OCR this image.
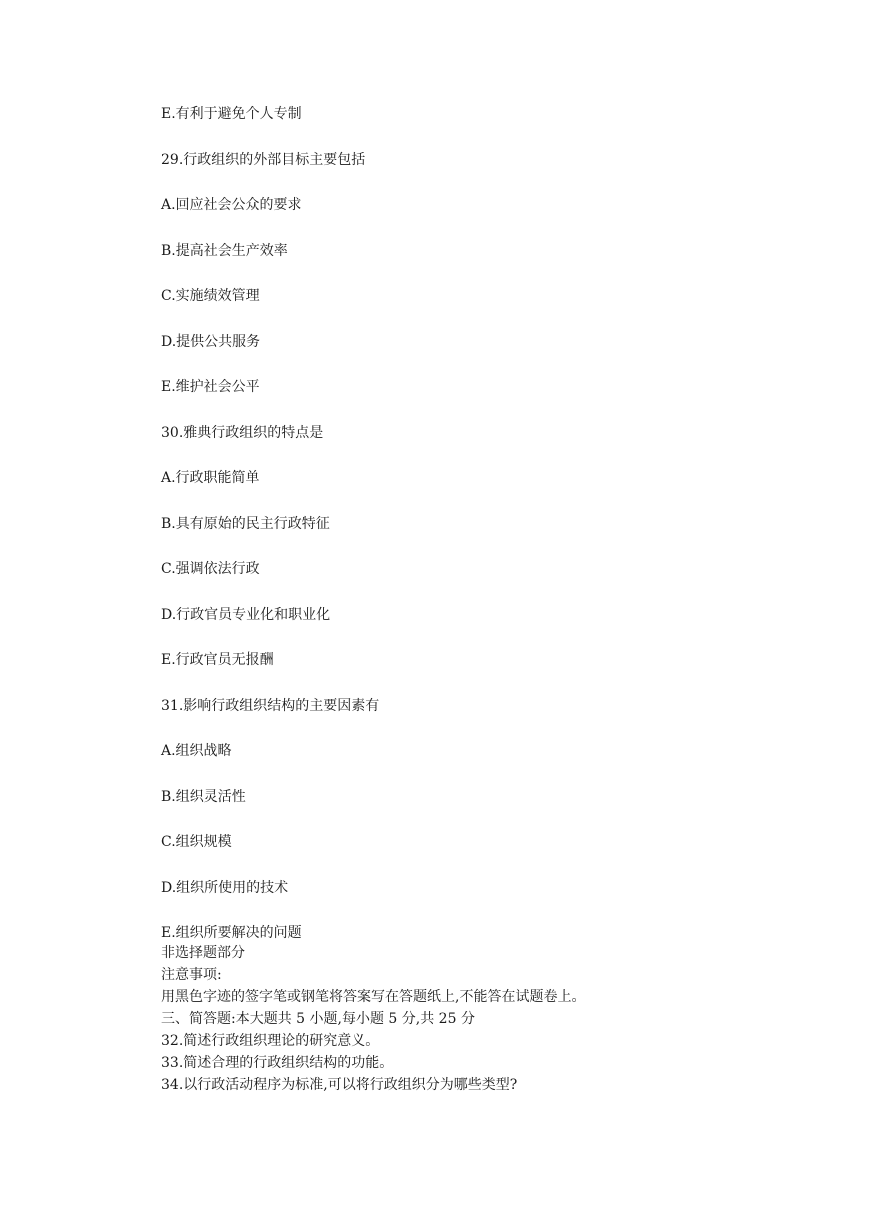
E.有利于避免个人专制

29.行政组织的外部目标主要包括

A.回应社会公众的要求

B.提高社会生产效率

C.实施绩效管理

D.提供公共服务

E.维护社会公平

30.雅典行政组织的特点是

A.行政职能简单

B.具有原始的民主行政特征

C.强调依法行政

D.行政官员专业化和职业化

E.行政官员无报酬

31.影响行政组织结构的主要因素有

A.组织战略

B.组织灵活性

C.组织规模

D.组织所使用的技术

E.组织所要解决的问题

非选择题部分

注意事项:

用黑色字迹的签字笔或钢笔将答案写在答题纸上,不能答在试题卷上。

三、简答题:本大题共 5 小题,每小题 5 分,共 25 分

32.简述行政组织理论的研究意义。

33.简述合理的行政组织结构的功能。

34.以行政活动程序为标准,可以将行政组织分为哪些类型?
